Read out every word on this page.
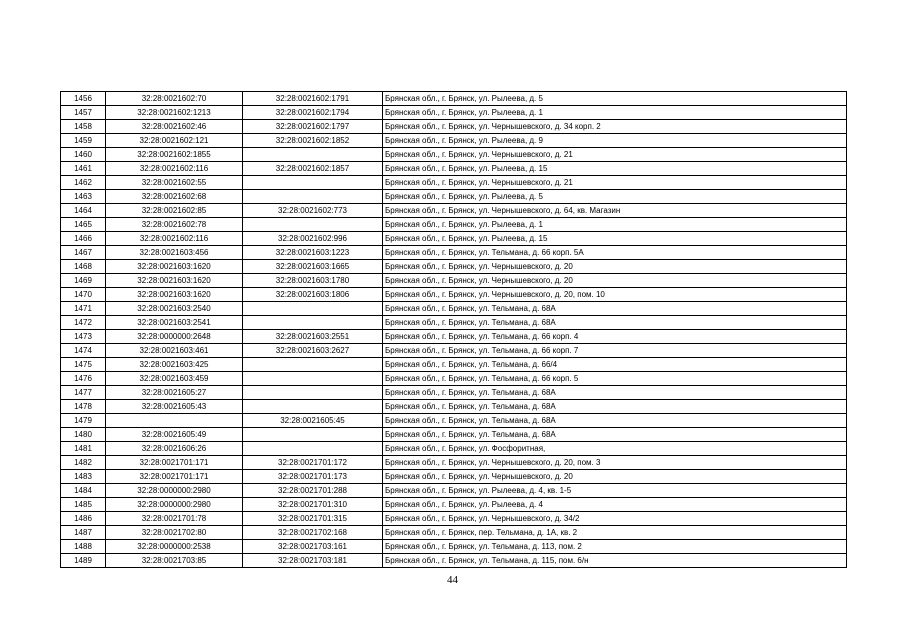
1456	32:28:0021602:70	32:28:0021602:1791	Брянская обл., г. Брянск, ул. Рылеева, д. 5
1457	32:28:0021602:1213	32:28:0021602:1794	Брянская обл., г. Брянск, ул. Рылеева, д. 1
1458	32:28:0021602:46	32:28:0021602:1797	Брянская обл., г. Брянск, ул. Чернышевского, д. 34 корп. 2
1459	32:28:0021602:121	32:28:0021602:1852	Брянская обл., г. Брянск, ул. Рылеева, д. 9
1460	32:28:0021602:1855		Брянская обл., г. Брянск, ул. Чернышевского, д. 21
1461	32:28:0021602:116	32:28:0021602:1857	Брянская обл., г. Брянск, ул. Рылеева, д. 15
1462	32:28:0021602:55		Брянская обл., г. Брянск, ул. Чернышевского, д. 21
1463	32:28:0021602:68		Брянская обл., г. Брянск, ул. Рылеева, д. 5
1464	32:28:0021602:85	32:28:0021602:773	Брянская обл., г. Брянск, ул. Чернышевского, д. 64, кв. Магазин
1465	32:28:0021602:78		Брянская обл., г. Брянск, ул. Рылеева, д. 1
1466	32:28:0021602:116	32:28:0021602:996	Брянская обл., г. Брянск, ул. Рылеева, д. 15
1467	32:28:0021603:456	32:28:0021603:1223	Брянская обл., г. Брянск, ул. Тельмана, д. 66 корп. 5А
1468	32:28:0021603:1620	32:28:0021603:1665	Брянская обл., г. Брянск, ул. Чернышевского, д. 20
1469	32:28:0021603:1620	32:28:0021603:1780	Брянская обл., г. Брянск, ул. Чернышевского, д. 20
1470	32:28:0021603:1620	32:28:0021603:1806	Брянская обл., г. Брянск, ул. Чернышевского, д. 20, пом. 10
1471	32:28:0021603:2540		Брянская обл., г. Брянск, ул. Тельмана, д. 68А
1472	32:28:0021603:2541		Брянская обл., г. Брянск, ул. Тельмана, д. 68А
1473	32:28:0000000:2648	32:28:0021603:2551	Брянская обл., г. Брянск, ул. Тельмана, д. 66 корп. 4
1474	32:28:0021603:461	32:28:0021603:2627	Брянская обл., г. Брянск, ул. Тельмана, д. 66 корп. 7
1475	32:28:0021603:425		Брянская обл., г. Брянск, ул. Тельмана, д. 66/4
1476	32:28:0021603:459		Брянская обл., г. Брянск, ул. Тельмана, д. 66 корп. 5
1477	32:28:0021605:27		Брянская обл., г. Брянск, ул. Тельмана, д. 68А
1478	32:28:0021605:43		Брянская обл., г. Брянск, ул. Тельмана, д. 68А
1479		32:28:0021605:45	Брянская обл., г. Брянск, ул. Тельмана, д. 68А
1480	32:28:0021605:49		Брянская обл., г. Брянск, ул. Тельмана, д. 68А
1481	32:28:0021606:26		Брянская обл., г. Брянск, ул. Фосфоритная,
1482	32:28:0021701:171	32:28:0021701:172	Брянская обл., г. Брянск, ул. Чернышевского, д. 20, пом. 3
1483	32:28:0021701:171	32:28:0021701:173	Брянская обл., г. Брянск, ул. Чернышевского, д. 20
1484	32:28:0000000:2980	32:28:0021701:288	Брянская обл., г. Брянск, ул. Рылеева, д. 4, кв. 1-5
1485	32:28:0000000:2980	32:28:0021701:310	Брянская обл., г. Брянск, ул. Рылеева, д. 4
1486	32:28:0021701:78	32:28:0021701:315	Брянская обл., г. Брянск, ул. Чернышевского, д. 34/2
1487	32:28:0021702:80	32:28:0021702:168	Брянская обл., г. Брянск, пер. Тельмана, д. 1А, кв. 2
1488	32:28:0000000:2538	32:28:0021703:161	Брянская обл., г. Брянск, ул. Тельмана, д. 113, пом. 2
1489	32:28:0021703:85	32:28:0021703:181	Брянская обл., г. Брянск, ул. Тельмана, д. 115, пом. 6/н
44
